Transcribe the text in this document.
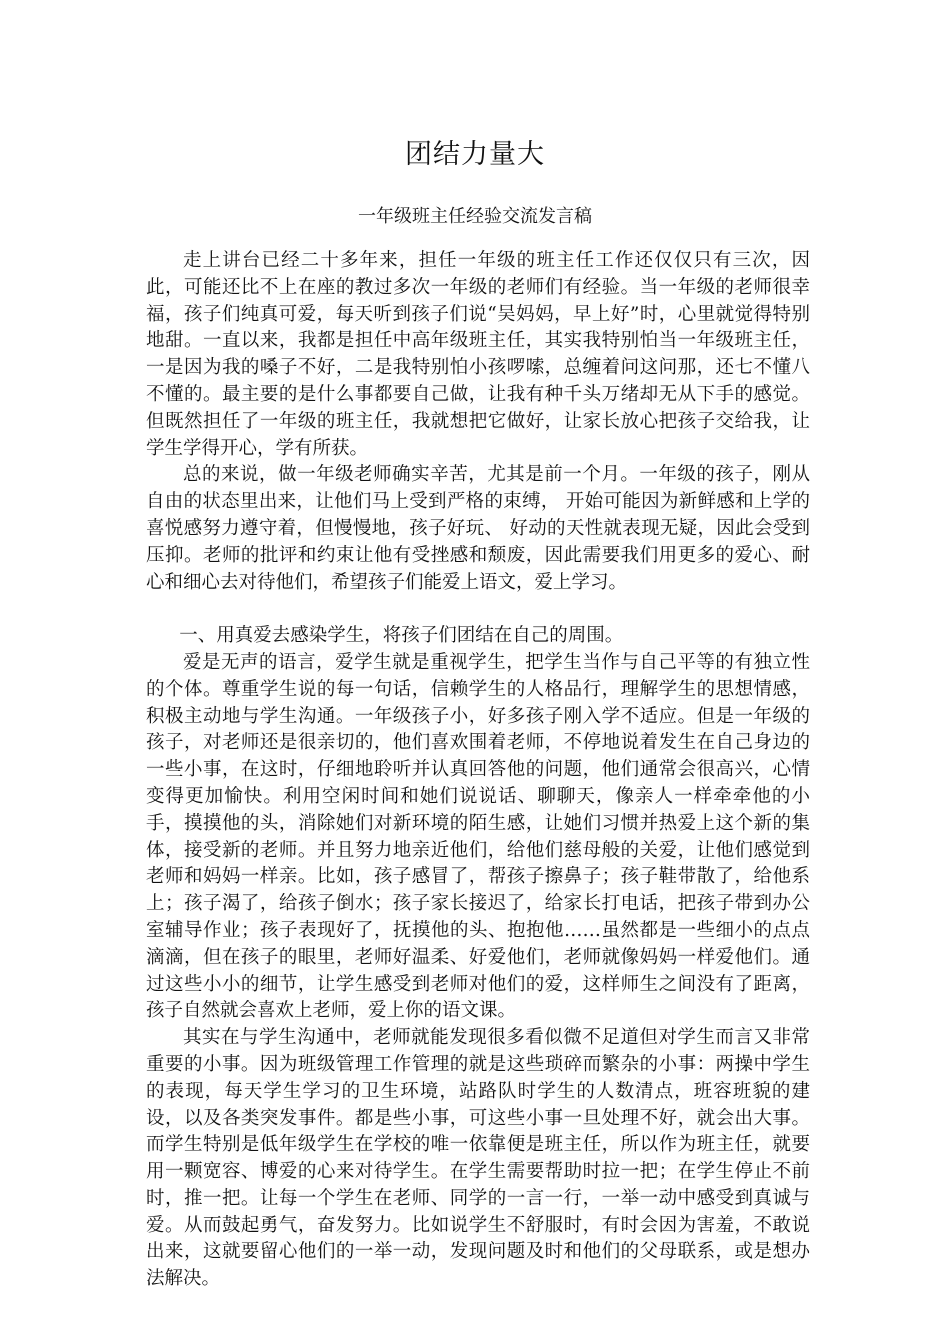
团结力量大
一年级班主任经验交流发言稿

走上讲台已经二十多年来，担任一年级的班主任工作还仅仅只有三次，因此，可能还比不上在座的教过多次一年级的老师们有经验。当一年级的老师很幸福，孩子们纯真可爱，每天听到孩子们说“吴妈妈，早上好”时，心里就觉得特别地甜。一直以来，我都是担任中高年级班主任，其实我特别怕当一年级班主任，一是因为我的嗓子不好，二是我特别怕小孩啰嗦，总缠着问这问那，还七不懂八不懂的。最主要的是什么事都要自己做，让我有种千头万绪却无从下手的感觉。但既然担任了一年级的班主任，我就想把它做好，让家长放心把孩子交给我，让学生学得开心，学有所获。

总的来说，做一年级老师确实辛苦，尤其是前一个月。一年级的孩子，刚从自由的状态里出来，让他们马上受到严格的束缚， 开始可能因为新鲜感和上学的喜悦感努力遵守着，但慢慢地，孩子好玩、 好动的天性就表现无疑，因此会受到压抑。老师的批评和约束让他有受挫感和颓废，因此需要我们用更多的爱心、耐心和细心去对待他们，希望孩子们能爱上语文，爱上学习。

一、用真爱去感染学生，将孩子们团结在自己的周围。

爱是无声的语言，爱学生就是重视学生，把学生当作与自己平等的有独立性的个体。尊重学生说的每一句话，信赖学生的人格品行，理解学生的思想情感，积极主动地与学生沟通。一年级孩子小，好多孩子刚入学不适应。但是一年级的孩子，对老师还是很亲切的，他们喜欢围着老师，不停地说着发生在自己身边的一些小事，在这时，仔细地聆听并认真回答他的问题，他们通常会很高兴，心情变得更加愉快。利用空闲时间和她们说说话、聊聊天，像亲人一样牵牵他的小手，摸摸他的头，消除她们对新环境的陌生感，让她们习惯并热爱上这个新的集体，接受新的老师。并且努力地亲近他们，给他们慈母般的关爱，让他们感觉到老师和妈妈一样亲。比如，孩子感冒了，帮孩子擦鼻子；孩子鞋带散了，给他系上；孩子渴了，给孩子倒水；孩子家长接迟了，给家长打电话，把孩子带到办公室辅导作业；孩子表现好了，抚摸他的头、抱抱他……虽然都是一些细小的点点滴滴，但在孩子的眼里，老师好温柔、好爱他们，老师就像妈妈一样爱他们。通过这些小小的细节，让学生感受到老师对他们的爱，这样师生之间没有了距离，孩子自然就会喜欢上老师，爱上你的语文课。

其实在与学生沟通中，老师就能发现很多看似微不足道但对学生而言又非常重要的小事。因为班级管理工作管理的就是这些琐碎而繁杂的小事：两操中学生的表现，每天学生学习的卫生环境，站路队时学生的人数清点，班容班貌的建设，以及各类突发事件。都是些小事，可这些小事一旦处理不好，就会出大事。而学生特别是低年级学生在学校的唯一依靠便是班主任，所以作为班主任，就要用一颗宽容、博爱的心来对待学生。在学生需要帮助时拉一把；在学生停止不前时，推一把。让每一个学生在老师、同学的一言一行，一举一动中感受到真诚与爱。从而鼓起勇气，奋发努力。比如说学生不舒服时，有时会因为害羞，不敢说出来，这就要留心他们的一举一动，发现问题及时和他们的父母联系，或是想办法解决。
